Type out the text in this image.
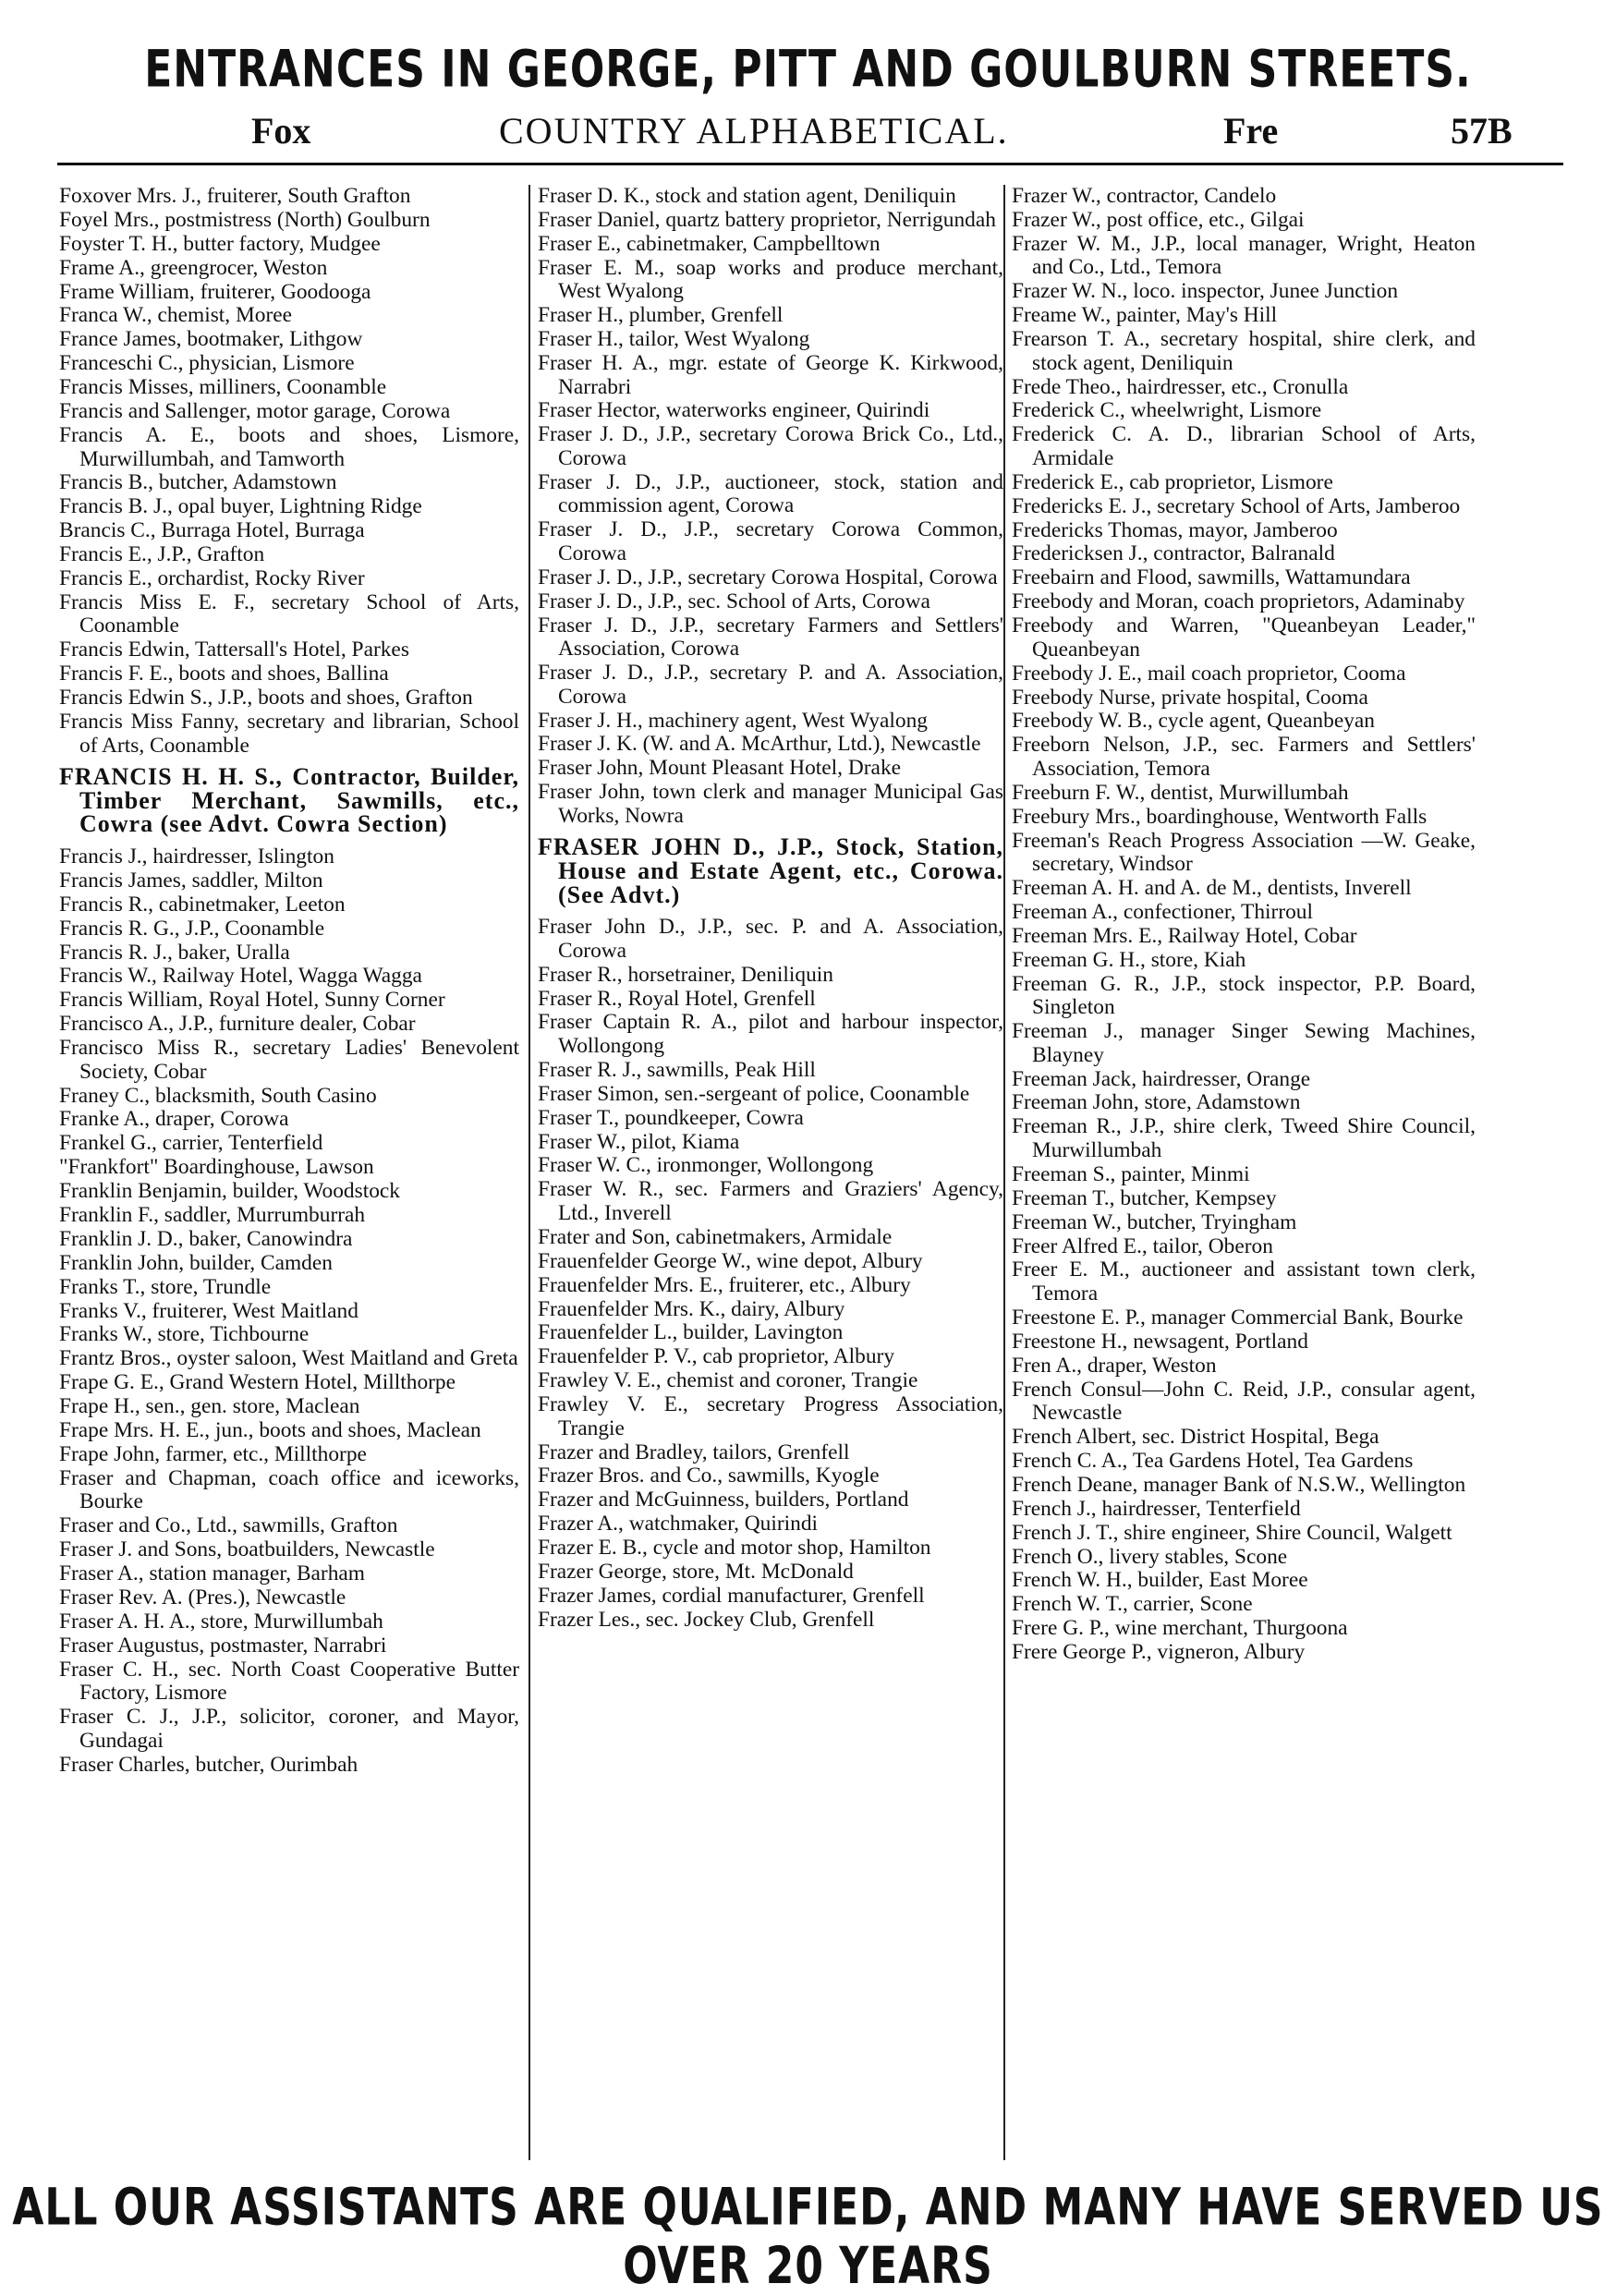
ENTRANCES IN GEORGE, PITT AND GOULBURN STREETS.
Fox	COUNTRY ALPHABETICAL.	Fre	57B
Foxover Mrs. J., fruiterer, South Grafton
Foyel Mrs., postmistress (North) Goulburn
Foyster T. H., butter factory, Mudgee
Frame A., greengrocer, Weston
Frame William, fruiterer, Goodooga
Franca W., chemist, Moree
France James, bootmaker, Lithgow
Franceschi C., physician, Lismore
Francis Misses, milliners, Coonamble
Francis and Sallenger, motor garage, Corowa
Francis A. E., boots and shoes, Lismore, Murwillumbah, and Tamworth
Francis B., butcher, Adamstown
Francis B. J., opal buyer, Lightning Ridge
Brancis C., Burraga Hotel, Burraga
Francis E., J.P., Grafton
Francis E., orchardist, Rocky River
Francis Miss E. F., secretary School of Arts, Coonamble
Francis Edwin, Tattersall's Hotel, Parkes
Francis F. E., boots and shoes, Ballina
Francis Edwin S., J.P., boots and shoes, Grafton
Francis Miss Fanny, secretary and librarian, School of Arts, Coonamble
FRANCIS H. H. S., Contractor, Builder, Timber Merchant, Sawmills, etc., Cowra (see Advt. Cowra Section)
Francis J., hairdresser, Islington
Francis James, saddler, Milton
Francis R., cabinetmaker, Leeton
Francis R. G., J.P., Coonamble
Francis R. J., baker, Uralla
Francis W., Railway Hotel, Wagga Wagga
Francis William, Royal Hotel, Sunny Corner
Francisco A., J.P., furniture dealer, Cobar
Francisco Miss R., secretary Ladies' Benevolent Society, Cobar
Franey C., blacksmith, South Casino
Franke A., draper, Corowa
Frankel G., carrier, Tenterfield
"Frankfort" Boardinghouse, Lawson
Franklin Benjamin, builder, Woodstock
Franklin F., saddler, Murrumburrah
Franklin J. D., baker, Canowindra
Franklin John, builder, Camden
Franks T., store, Trundle
Franks V., fruiterer, West Maitland
Franks W., store, Tichbourne
Frantz Bros., oyster saloon, West Maitland and Greta
Frape G. E., Grand Western Hotel, Millthorpe
Frape H., sen., gen. store, Maclean
Frape Mrs. H. E., jun., boots and shoes, Maclean
Frape John, farmer, etc., Millthorpe
Fraser and Chapman, coach office and iceworks, Bourke
Fraser and Co., Ltd., sawmills, Grafton
Fraser J. and Sons, boatbuilders, Newcastle
Fraser A., station manager, Barham
Fraser Rev. A. (Pres.), Newcastle
Fraser A. H. A., store, Murwillumbah
Fraser Augustus, postmaster, Narrabri
Fraser C. H., sec. North Coast Cooperative Butter Factory, Lismore
Fraser C. J., J.P., solicitor, coroner, and Mayor, Gundagai
Fraser Charles, butcher, Ourimbah
Fraser D. K., stock and station agent, Deniliquin
Fraser Daniel, quartz battery proprietor, Nerrigundah
Fraser E., cabinetmaker, Campbelltown
Fraser E. M., soap works and produce merchant, West Wyalong
Fraser H., plumber, Grenfell
Fraser H., tailor, West Wyalong
Fraser H. A., mgr. estate of George K. Kirkwood, Narrabri
Fraser Hector, waterworks engineer, Quirindi
Fraser J. D., J.P., secretary Corowa Brick Co., Ltd., Corowa
Fraser J. D., J.P., auctioneer, stock, station and commission agent, Corowa
Fraser J. D., J.P., secretary Corowa Common, Corowa
Fraser J. D., J.P., secretary Corowa Hospital, Corowa
Fraser J. D., J.P., sec. School of Arts, Corowa
Fraser J. D., J.P., secretary Farmers and Settlers' Association, Corowa
Fraser J. D., J.P., secretary P. and A. Association, Corowa
Fraser J. H., machinery agent, West Wyalong
Fraser J. K. (W. and A. McArthur, Ltd.), Newcastle
Fraser John, Mount Pleasant Hotel, Drake
Fraser John, town clerk and manager Municipal Gas Works, Nowra
FRASER JOHN D., J.P., Stock, Station, House and Estate Agent, etc., Corowa. (See Advt.)
Fraser John D., J.P., sec. P. and A. Association, Corowa
Fraser R., horsetrainer, Deniliquin
Fraser R., Royal Hotel, Grenfell
Fraser Captain R. A., pilot and harbour inspector, Wollongong
Fraser R. J., sawmills, Peak Hill
Fraser Simon, sen.-sergeant of police, Coonamble
Fraser T., poundkeeper, Cowra
Fraser W., pilot, Kiama
Fraser W. C., ironmonger, Wollongong
Fraser W. R., sec. Farmers and Graziers' Agency, Ltd., Inverell
Frater and Son, cabinetmakers, Armidale
Frauenfelder George W., wine depot, Albury
Frauenfelder Mrs. E., fruiterer, etc., Albury
Frauenfelder Mrs. K., dairy, Albury
Frauenfelder L., builder, Lavington
Frauenfelder P. V., cab proprietor, Albury
Frawley V. E., chemist and coroner, Trangie
Frawley V. E., secretary Progress Association, Trangie
Frazer and Bradley, tailors, Grenfell
Frazer Bros. and Co., sawmills, Kyogle
Frazer and McGuinness, builders, Portland
Frazer A., watchmaker, Quirindi
Frazer E. B., cycle and motor shop, Hamilton
Frazer George, store, Mt. McDonald
Frazer James, cordial manufacturer, Grenfell
Frazer Les., sec. Jockey Club, Grenfell
Frazer W., contractor, Candelo
Frazer W., post office, etc., Gilgai
Frazer W. M., J.P., local manager, Wright, Heaton and Co., Ltd., Temora
Frazer W. N., loco. inspector, Junee Junction
Freame W., painter, May's Hill
Frearson T. A., secretary hospital, shire clerk, and stock agent, Deniliquin
Frede Theo., hairdresser, etc., Cronulla
Frederick C., wheelwright, Lismore
Frederick C. A. D., librarian School of Arts, Armidale
Frederick E., cab proprietor, Lismore
Fredericks E. J., secretary School of Arts, Jamberoo
Fredericks Thomas, mayor, Jamberoo
Fredericksen J., contractor, Balranald
Freebairn and Flood, sawmills, Wattamundara
Freebody and Moran, coach proprietors, Adaminaby
Freebody and Warren, "Queanbeyan Leader," Queanbeyan
Freebody J. E., mail coach proprietor, Cooma
Freebody Nurse, private hospital, Cooma
Freebody W. B., cycle agent, Queanbeyan
Freeborn Nelson, J.P., sec. Farmers and Settlers' Association, Temora
Freeburn F. W., dentist, Murwillumbah
Freebury Mrs., boardinghouse, Wentworth Falls
Freeman's Reach Progress Association —W. Geake, secretary, Windsor
Freeman A. H. and A. de M., dentists, Inverell
Freeman A., confectioner, Thirroul
Freeman Mrs. E., Railway Hotel, Cobar
Freeman G. H., store, Kiah
Freeman G. R., J.P., stock inspector, P.P. Board, Singleton
Freeman J., manager Singer Sewing Machines, Blayney
Freeman Jack, hairdresser, Orange
Freeman John, store, Adamstown
Freeman R., J.P., shire clerk, Tweed Shire Council, Murwillumbah
Freeman S., painter, Minmi
Freeman T., butcher, Kempsey
Freeman W., butcher, Tryingham
Freer Alfred E., tailor, Oberon
Freer E. M., auctioneer and assistant town clerk, Temora
Freestone E. P., manager Commercial Bank, Bourke
Freestone H., newsagent, Portland
Fren A., draper, Weston
French Consul—John C. Reid, J.P., consular agent, Newcastle
French Albert, sec. District Hospital, Bega
French C. A., Tea Gardens Hotel, Tea Gardens
French Deane, manager Bank of N.S.W., Wellington
French J., hairdresser, Tenterfield
French J. T., shire engineer, Shire Council, Walgett
French O., livery stables, Scone
French W. H., builder, East Moree
French W. T., carrier, Scone
Frere G. P., wine merchant, Thurgoona
Frere George P., vigneron, Albury
ALL OUR ASSISTANTS ARE QUALIFIED, AND MANY HAVE SERVED US OVER 20 YEARS
